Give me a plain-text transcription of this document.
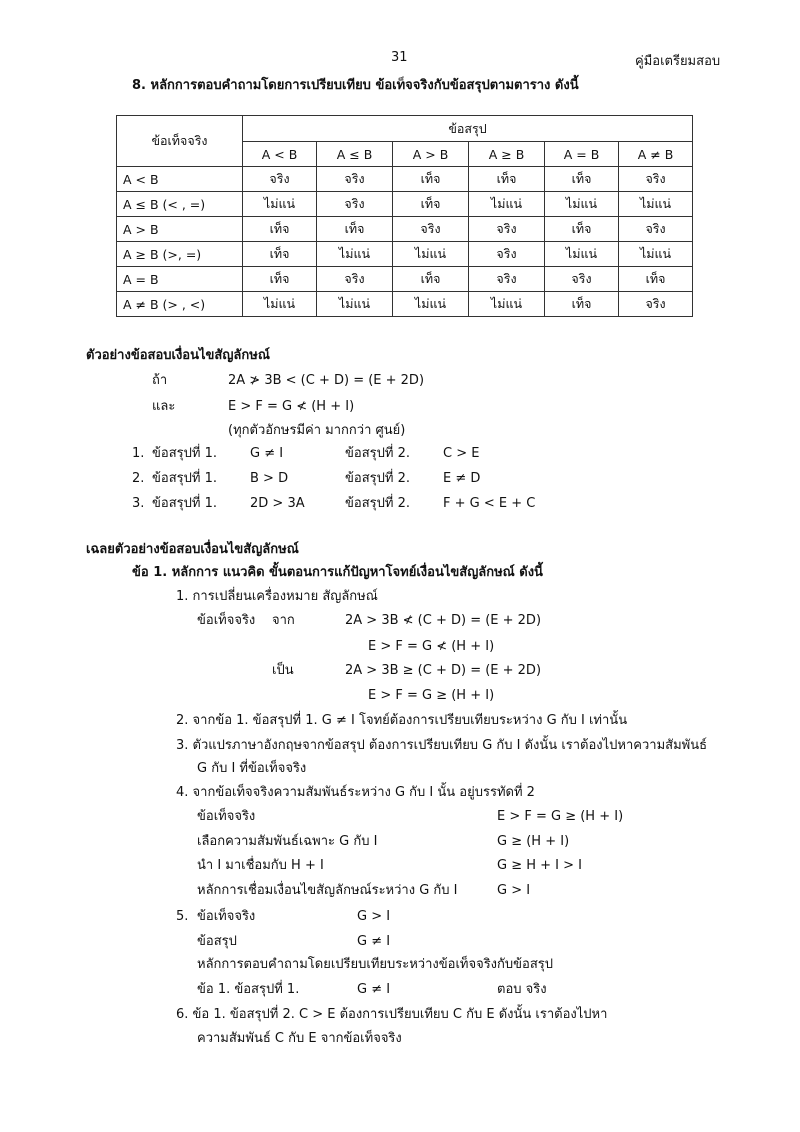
31	คู่มือเตรียมสอบ
8. หลักการตอบคำถามโดยการเปรียบเทียบ ข้อเท็จจริงกับข้อสรุปตามตาราง ดังนี้
ข้อเท็จจริง	ข้อสรุป					
	A < B	A ≤ B	A > B	A ≥ B	A = B	A ≠ B
A < B	จริง	จริง	เท็จ	เท็จ	เท็จ	จริง
A ≤ B (< , =)	ไม่แน่	จริง	เท็จ	ไม่แน่	ไม่แน่	ไม่แน่
A > B	เท็จ	เท็จ	จริง	จริง	เท็จ	จริง
A ≥ B (>, =)	เท็จ	ไม่แน่	ไม่แน่	จริง	ไม่แน่	ไม่แน่
A = B	เท็จ	จริง	เท็จ	จริง	จริง	เท็จ
A ≠ B (> , <)	ไม่แน่	ไม่แน่	ไม่แน่	ไม่แน่	เท็จ	จริง
ตัวอย่างข้อสอบเงื่อนไขสัญลักษณ์
ถ้า	2A ≯ 3B < (C + D) = (E + 2D)
และ	E > F = G ≮ (H + I)
(ทุกตัวอักษรมีค่า มากกว่า ศูนย์)
1. ข้อสรุปที่ 1.	G ≠ I	ข้อสรุปที่ 2.	C > E
2. ข้อสรุปที่ 1.	B > D	ข้อสรุปที่ 2.	E ≠ D
3. ข้อสรุปที่ 1.	2D > 3A	ข้อสรุปที่ 2.	F + G < E + C
เฉลยตัวอย่างข้อสอบเงื่อนไขสัญลักษณ์
ข้อ 1. หลักการ แนวคิด ขั้นตอนการแก้ปัญหาโจทย์เงื่อนไขสัญลักษณ์ ดังนี้
1. การเปลี่ยนเครื่องหมาย สัญลักษณ์
ข้อเท็จจริง จาก	2A > 3B ≮ (C + D) = (E + 2D)
E > F = G ≮ (H + I)
เป็น	2A > 3B ≥ (C + D) = (E + 2D)
E > F = G ≥ (H + I)
2. จากข้อ 1. ข้อสรุปที่ 1. G ≠ I โจทย์ต้องการเปรียบเทียบระหว่าง G กับ I เท่านั้น
3. ตัวแปรภาษาอังกฤษจากข้อสรุป ต้องการเปรียบเทียบ G กับ I ดังนั้น เราต้องไปหาความสัมพันธ์
G กับ I ที่ข้อเท็จจริง
4. จากข้อเท็จจริงความสัมพันธ์ระหว่าง G กับ I นั้น อยู่บรรทัดที่ 2
ข้อเท็จจริง	E > F = G ≥ (H + I)
เลือกความสัมพันธ์เฉพาะ G กับ I	G ≥ (H + I)
นำ I มาเชื่อมกับ H + I	G ≥ H + I > I
หลักการเชื่อมเงื่อนไขสัญลักษณ์ระหว่าง G กับ I	G > I
5. ข้อเท็จจริง	G > I
ข้อสรุป	G ≠ I
หลักการตอบคำถามโดยเปรียบเทียบระหว่างข้อเท็จจริงกับข้อสรุป
ข้อ 1. ข้อสรุปที่ 1.	G ≠ I	ตอบ จริง
6. ข้อ 1. ข้อสรุปที่ 2. C > E ต้องการเปรียบเทียบ C กับ E ดังนั้น เราต้องไปหา
ความสัมพันธ์ C กับ E จากข้อเท็จจริง
